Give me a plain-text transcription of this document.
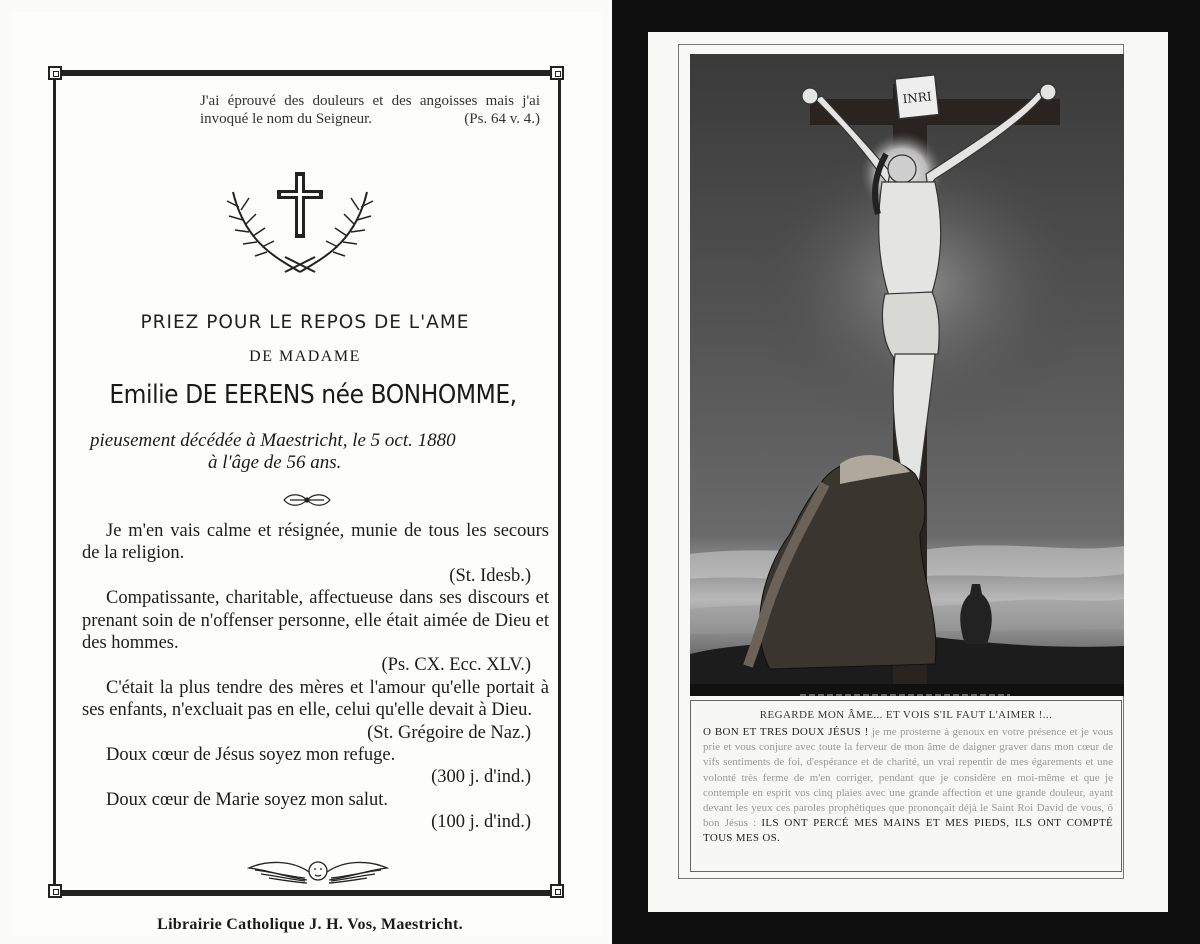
J'ai éprouvé des douleurs et des angoisses mais j'ai invoqué le nom du Seigneur.	(Ps. 64 v. 4.)
PRIEZ POUR LE REPOS DE L'AME
DE MADAME
Emilie DE EERENS née BONHOMME,
pieusement décédée à Maestricht, le 5 oct. 1880
à l'âge de 56 ans.

Je m'en vais calme et résignée, munie de tous les secours de la religion.

(St. Idesb.)

Compatissante, charitable, affectueuse dans ses discours et prenant soin de n'offenser personne, elle était aimée de Dieu et des hommes.

(Ps. CX. Ecc. XLV.)

C'était la plus tendre des mères et l'amour qu'elle portait à ses enfants, n'excluait pas en elle, celui qu'elle devait à Dieu.

(St. Grégoire de Naz.)

Doux cœur de Jésus soyez mon refuge.

(300 j. d'ind.)

Doux cœur de Marie soyez mon salut.

(100 j. d'ind.)

Librairie Catholique J. H. Vos, Maestricht.
INRI
REGARDE MON ÂME... ET VOIS S'IL FAUT L'AIMER !...
O BON ET TRES DOUX JÉSUS ! je me prosterne à genoux en votre présence et je vous prie et vous conjure avec toute la ferveur de mon âme de daigner graver dans mon cœur de vifs sentiments de foi, d'espérance et de charité, un vrai repentir de mes égarements et une volonté très ferme de m'en corriger, pendant que je considère en moi-même et que je contemple en esprit vos cinq plaies avec une grande affection et une grande douleur, ayant devant les yeux ces paroles prophétiques que prononçait déjà le Saint Roi David de vous, ô bon Jésus : ILS ONT PERCÉ MES MAINS ET MES PIEDS, ILS ONT COMPTÉ TOUS MES OS.
